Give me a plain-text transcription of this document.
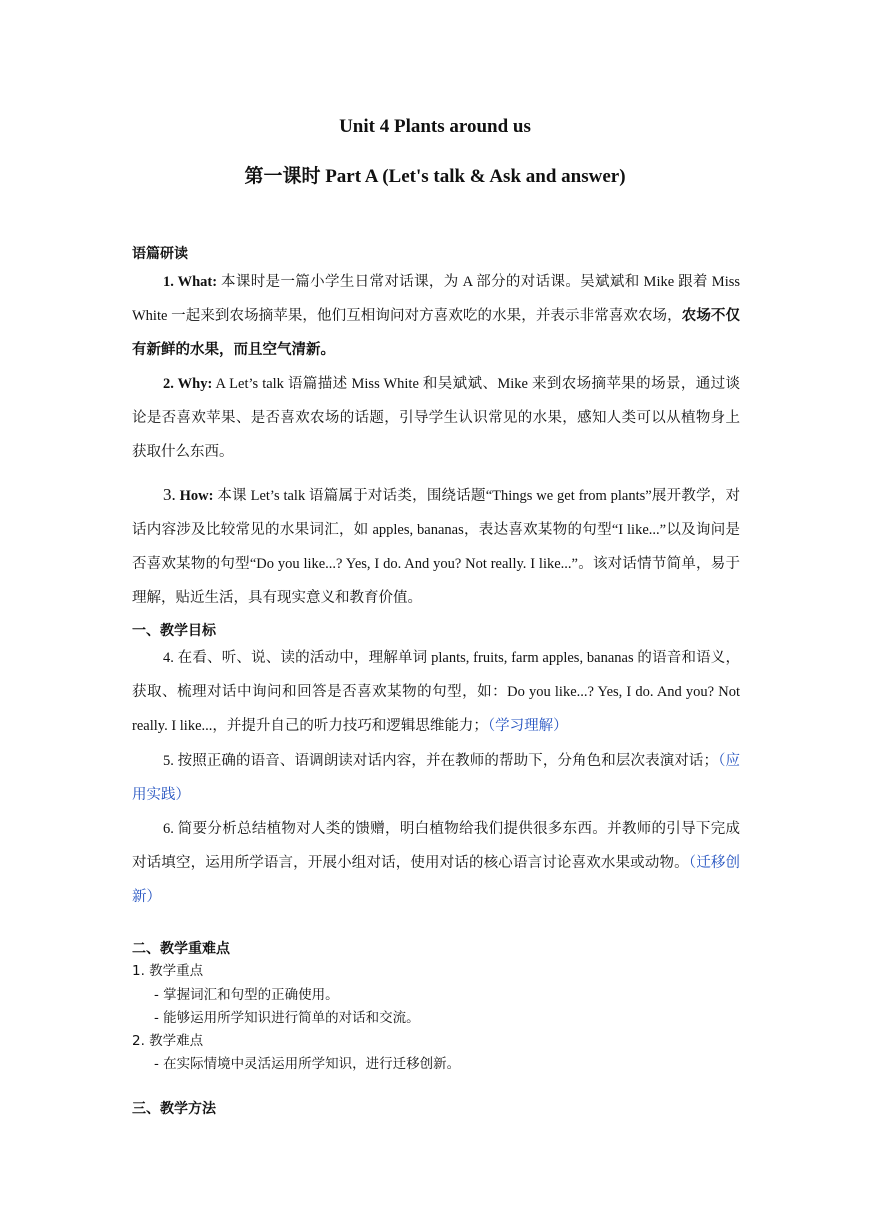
Unit 4 Plants around us
第一课时 Part A (Let's talk & Ask and answer)
语篇研读

1. What: 本课时是一篇小学生日常对话课，为 A 部分的对话课。吴斌斌和 Mike 跟着 Miss White 一起来到农场摘苹果，他们互相询问对方喜欢吃的水果，并表示非常喜欢农场，农场不仅有新鲜的水果，而且空气清新。

2. Why: A Let’s talk 语篇描述 Miss White 和吴斌斌、Mike 来到农场摘苹果的场景，通过谈论是否喜欢苹果、是否喜欢农场的话题，引导学生认识常见的水果，感知人类可以从植物身上获取什么东西。

3. How: 本课 Let’s talk 语篇属于对话类，围绕话题“Things we get from plants”展开教学，对话内容涉及比较常见的水果词汇，如 apples, bananas，表达喜欢某物的句型“I like...”以及询问是否喜欢某物的句型“Do you like...? Yes, I do. And you? Not really. I like...”。该对话情节简单，易于理解，贴近生活，具有现实意义和教育价值。

一、教学目标

4. 在看、听、说、读的活动中，理解单词 plants, fruits, farm apples, bananas 的语音和语义，获取、梳理对话中询问和回答是否喜欢某物的句型，如：Do you like...? Yes, I do. And you? Not really. I like...，并提升自己的听力技巧和逻辑思维能力；（学习理解）

5. 按照正确的语音、语调朗读对话内容，并在教师的帮助下，分角色和层次表演对话；（应用实践）

6. 简要分析总结植物对人类的馈赠，明白植物给我们提供很多东西。并教师的引导下完成对话填空，运用所学语言，开展小组对话，使用对话的核心语言讨论喜欢水果或动物。（迁移创新）

二、教学重难点
1. 教学重点
- 掌握词汇和句型的正确使用。
- 能够运用所学知识进行简单的对话和交流。
2. 教学难点
- 在实际情境中灵活运用所学知识，进行迁移创新。
三、教学方法
